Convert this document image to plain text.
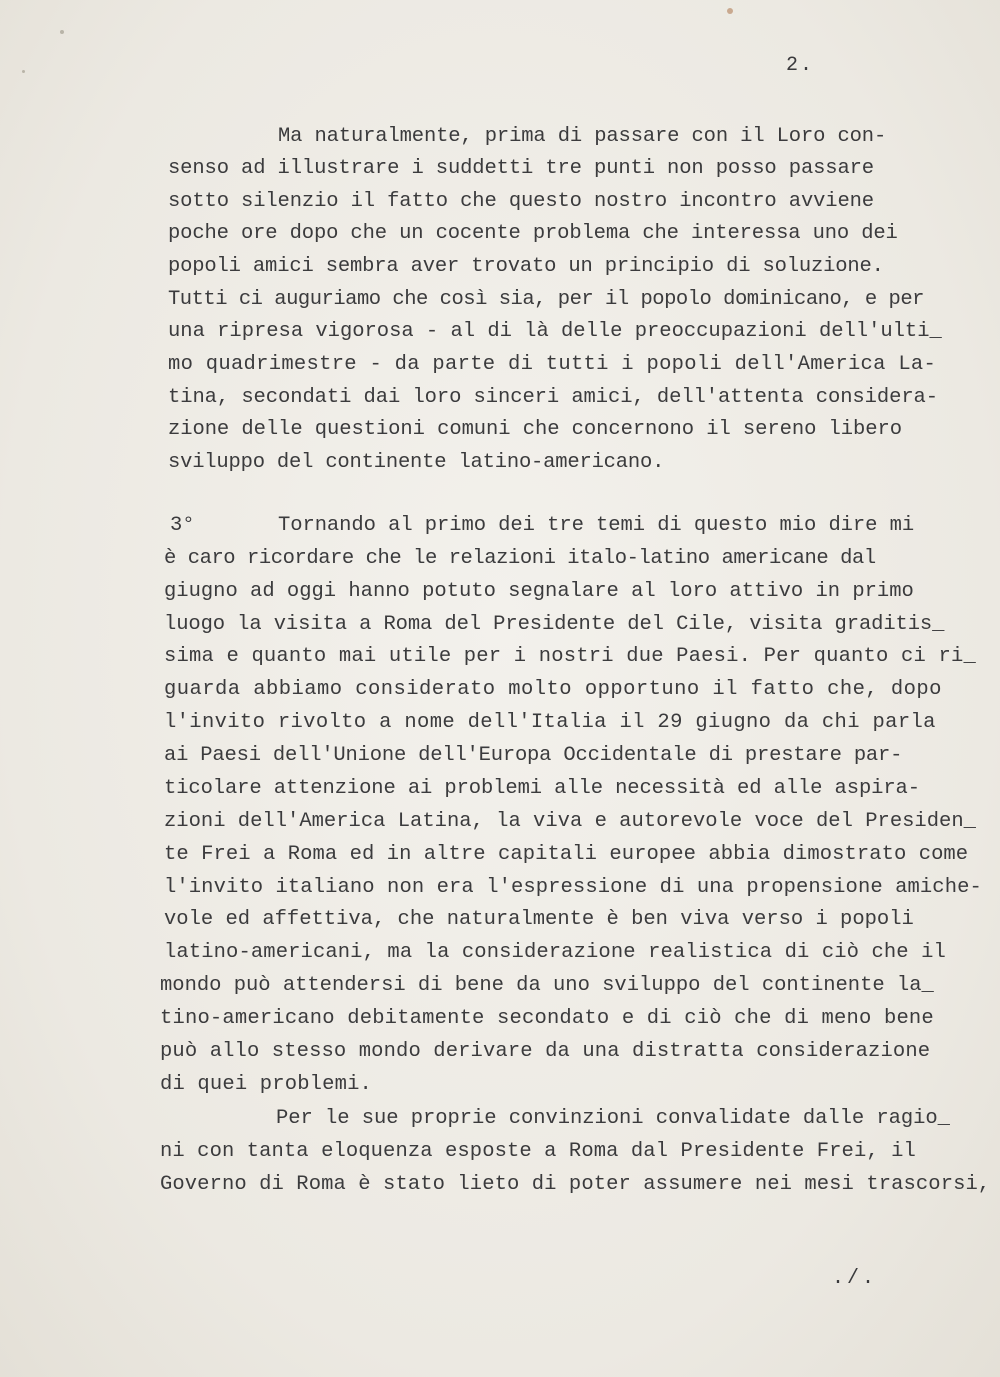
2.
3°
Ma naturalmente, prima di passare con il Loro con-
senso ad illustrare i suddetti tre punti non posso passare
sotto silenzio il fatto che questo nostro incontro avviene
poche ore dopo che un cocente problema che interessa uno dei
popoli amici sembra aver trovato un principio di soluzione.
Tutti ci auguriamo che così sia, per il popolo dominicano, e per
una ripresa vigorosa - al di là delle preoccupazioni dell'ulti_
mo quadrimestre - da parte di tutti i popoli dell'America La-
tina, secondati dai loro sinceri amici, dell'attenta considera-
zione delle questioni comuni che concernono il sereno libero
sviluppo del continente latino-americano.
Tornando al primo dei tre temi di questo mio dire mi
è caro ricordare che le relazioni italo-latino americane dal
giugno ad oggi hanno potuto segnalare al loro attivo in primo
luogo la visita a Roma del Presidente del Cile, visita graditis_
sima e quanto mai utile per i nostri due Paesi. Per quanto ci ri_
guarda abbiamo considerato molto opportuno il fatto che, dopo
l'invito rivolto a nome dell'Italia il 29 giugno da chi parla
ai Paesi dell'Unione dell'Europa Occidentale di prestare par-
ticolare attenzione ai problemi alle necessità ed alle aspira-
zioni dell'America Latina, la viva e autorevole voce del Presiden_
te Frei a Roma ed in altre capitali europee abbia dimostrato come
l'invito italiano non era l'espressione di una propensione amiche-
vole ed affettiva, che naturalmente è ben viva verso i popoli
latino-americani, ma la considerazione realistica di ciò che il
mondo può attendersi di bene da uno sviluppo del continente la_
tino-americano debitamente secondato e di ciò che di meno bene
può allo stesso mondo derivare da una distratta considerazione
di quei problemi.
Per le sue proprie convinzioni convalidate dalle ragio_
ni con tanta eloquenza esposte a Roma dal Presidente Frei, il
Governo di Roma è stato lieto di poter assumere nei mesi trascorsi,
./.
